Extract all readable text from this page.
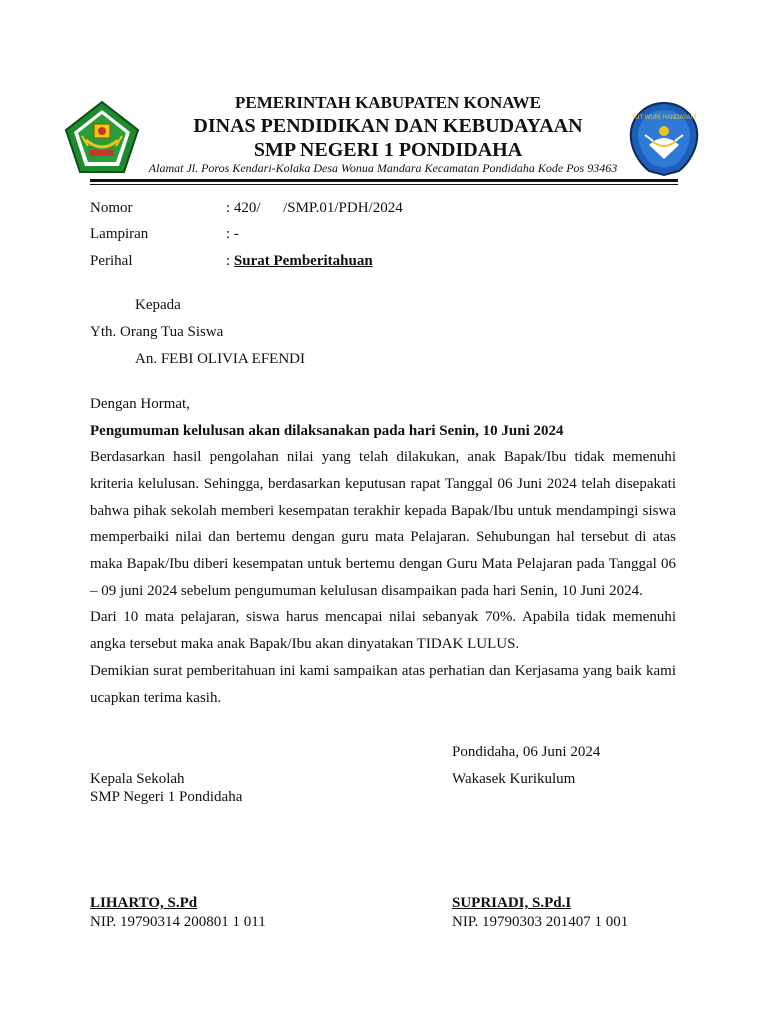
TUT WURI HANDAYANI
PEMERINTAH KABUPATEN KONAWE
DINAS PENDIDIKAN DAN KEBUDAYAAN
SMP NEGERI 1 PONDIDAHA
Alamat Jl. Poros Kendari-Kolaka Desa Wonua Mandara Kecamatan Pondidaha Kode Pos 93463
Nomor	: 420/      /SMP.01/PDH/2024
Lampiran	: -
Perihal	: Surat Pemberitahuan
Kepada
Yth. Orang Tua Siswa
An. FEBI OLIVIA EFENDI
Dengan Hormat,
Pengumuman kelulusan akan dilaksanakan pada hari Senin, 10 Juni 2024
Berdasarkan hasil pengolahan nilai yang telah dilakukan, anak Bapak/Ibu tidak memenuhi kriteria kelulusan. Sehingga, berdasarkan keputusan rapat Tanggal 06 Juni 2024 telah disepakati bahwa pihak sekolah memberi kesempatan terakhir kepada Bapak/Ibu untuk mendampingi siswa memperbaiki nilai dan bertemu dengan guru mata Pelajaran. Sehubungan hal tersebut di atas maka Bapak/Ibu diberi kesempatan untuk bertemu dengan Guru Mata Pelajaran pada Tanggal 06 – 09 juni 2024 sebelum pengumuman kelulusan disampaikan pada hari Senin, 10 Juni 2024.
Dari 10 mata pelajaran, siswa harus mencapai nilai sebanyak 70%. Apabila tidak memenuhi angka tersebut maka anak Bapak/Ibu akan dinyatakan TIDAK LULUS.
Demikian surat pemberitahuan ini kami sampaikan atas perhatian dan Kerjasama yang baik kami ucapkan terima kasih.
Pondidaha, 06 Juni 2024
Kepala Sekolah
SMP Negeri 1 Pondidaha
Wakasek Kurikulum
LIHARTO, S.Pd
NIP. 19790314 200801 1 011
SUPRIADI, S.Pd.I
NIP. 19790303 201407 1 001
